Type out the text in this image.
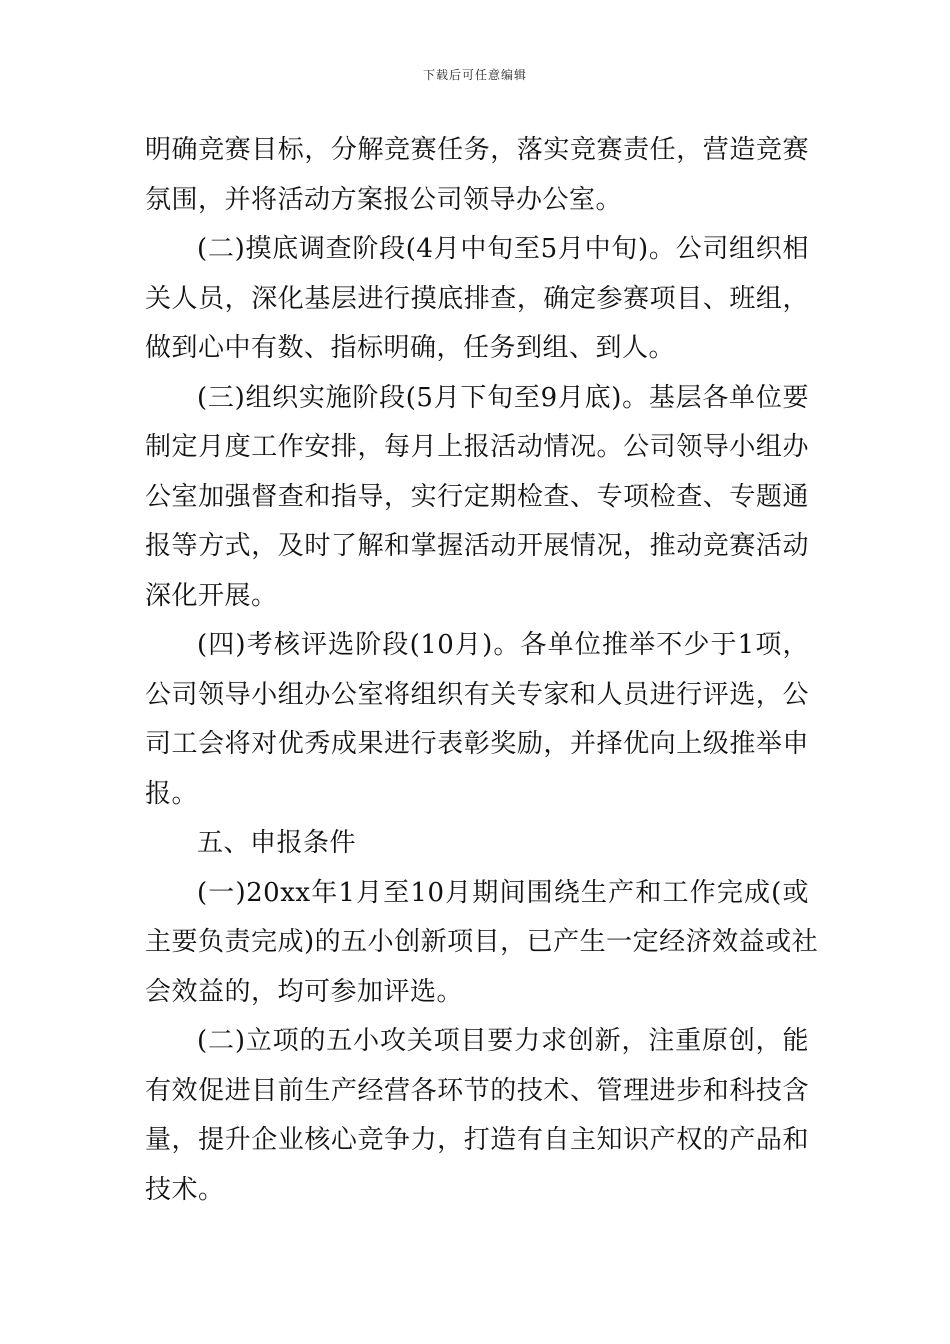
下载后可任意编辑
明确竞赛目标，分解竞赛任务，落实竞赛责任，营造竞赛
氛围，并将活动方案报公司领导办公室。
(二)摸底调查阶段(4月中旬至5月中旬)。公司组织相
关人员，深化基层进行摸底排查，确定参赛项目、班组，
做到心中有数、指标明确，任务到组、到人。
(三)组织实施阶段(5月下旬至9月底)。基层各单位要
制定月度工作安排，每月上报活动情况。公司领导小组办
公室加强督查和指导，实行定期检查、专项检查、专题通
报等方式，及时了解和掌握活动开展情况，推动竞赛活动
深化开展。
(四)考核评选阶段(10月)。各单位推举不少于1项，
公司领导小组办公室将组织有关专家和人员进行评选，公
司工会将对优秀成果进行表彰奖励，并择优向上级推举申
报。
五、申报条件
(一)20xx年1月至10月期间围绕生产和工作完成(或
主要负责完成)的五小创新项目，已产生一定经济效益或社
会效益的，均可参加评选。
(二)立项的五小攻关项目要力求创新，注重原创，能
有效促进目前生产经营各环节的技术、管理进步和科技含
量，提升企业核心竞争力，打造有自主知识产权的产品和
技术。
